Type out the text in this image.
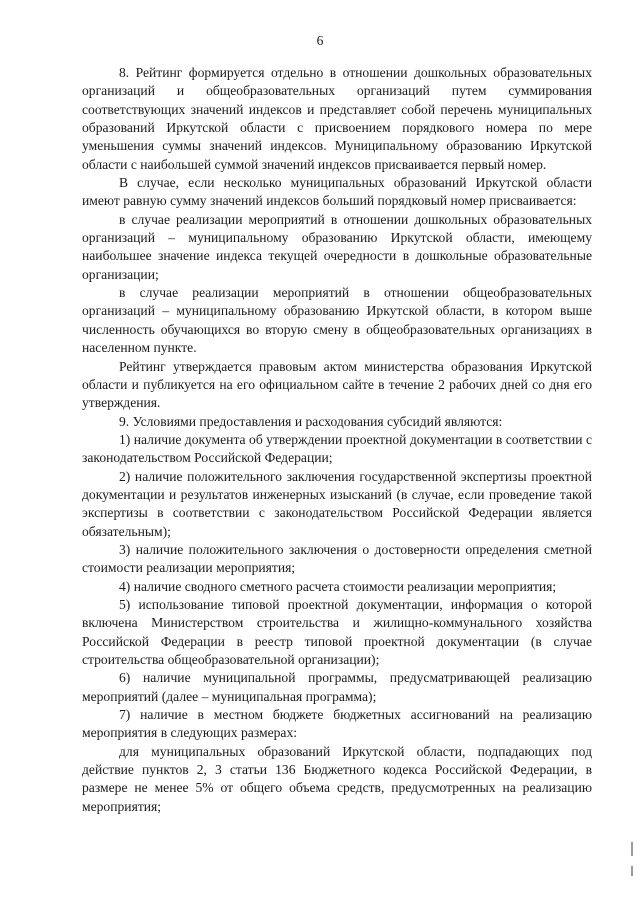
6

8. Рейтинг формируется отдельно в отношении дошкольных образовательных организаций и общеобразовательных организаций путем суммирования соответствующих значений индексов и представляет собой перечень муниципальных образований Иркутской области с присвоением порядкового номера по мере уменьшения суммы значений индексов. Муниципальному образованию Иркутской области с наибольшей суммой значений индексов присваивается первый номер.

В случае, если несколько муниципальных образований Иркутской области имеют равную сумму значений индексов больший порядковый номер присваивается:

в случае реализации мероприятий в отношении дошкольных образовательных организаций – муниципальному образованию Иркутской области, имеющему наибольшее значение индекса текущей очередности в дошкольные образовательные организации;

в случае реализации мероприятий в отношении общеобразовательных организаций – муниципальному образованию Иркутской области, в котором выше численность обучающихся во вторую смену в общеобразовательных организациях в населенном пункте.

Рейтинг утверждается правовым актом министерства образования Иркутской области и публикуется на его официальном сайте в течение 2 рабочих дней со дня его утверждения.

9. Условиями предоставления и расходования субсидий являются:

1) наличие документа об утверждении проектной документации в соответствии с законодательством Российской Федерации;

2) наличие положительного заключения государственной экспертизы проектной документации и результатов инженерных изысканий (в случае, если проведение такой экспертизы в соответствии с законодательством Российской Федерации является обязательным);

3) наличие положительного заключения о достоверности определения сметной стоимости реализации мероприятия;

4) наличие сводного сметного расчета стоимости реализации мероприятия;

5) использование типовой проектной документации, информация о которой включена Министерством строительства и жилищно-коммунального хозяйства Российской Федерации в реестр типовой проектной документации (в случае строительства общеобразовательной организации);

6) наличие муниципальной программы, предусматривающей реализацию мероприятий (далее – муниципальная программа);

7) наличие в местном бюджете бюджетных ассигнований на реализацию мероприятия в следующих размерах:

для муниципальных образований Иркутской области, подпадающих под действие пунктов 2, 3 статьи 136 Бюджетного кодекса Российской Федерации, в размере не менее 5% от общего объема средств, предусмотренных на реализацию мероприятия;
